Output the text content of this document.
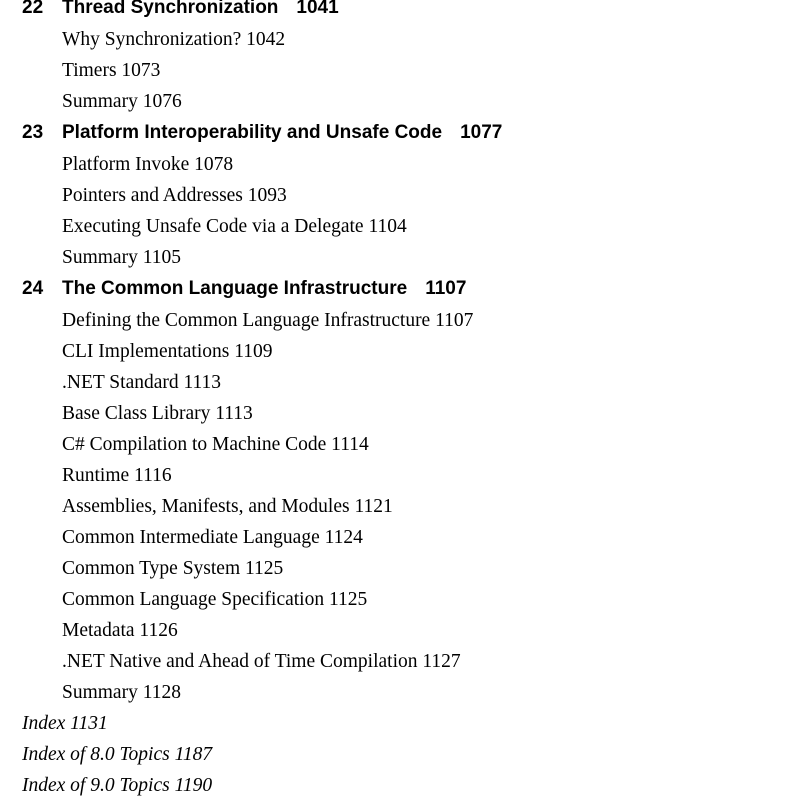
22 Thread Synchronization 1041
Why Synchronization? 1042
Timers 1073
Summary 1076
23 Platform Interoperability and Unsafe Code 1077
Platform Invoke 1078
Pointers and Addresses 1093
Executing Unsafe Code via a Delegate 1104
Summary 1105
24 The Common Language Infrastructure 1107
Defining the Common Language Infrastructure 1107
CLI Implementations 1109
.NET Standard 1113
Base Class Library 1113
C# Compilation to Machine Code 1114
Runtime 1116
Assemblies, Manifests, and Modules 1121
Common Intermediate Language 1124
Common Type System 1125
Common Language Specification 1125
Metadata 1126
.NET Native and Ahead of Time Compilation 1127
Summary 1128
Index 1131
Index of 8.0 Topics 1187
Index of 9.0 Topics 1190
